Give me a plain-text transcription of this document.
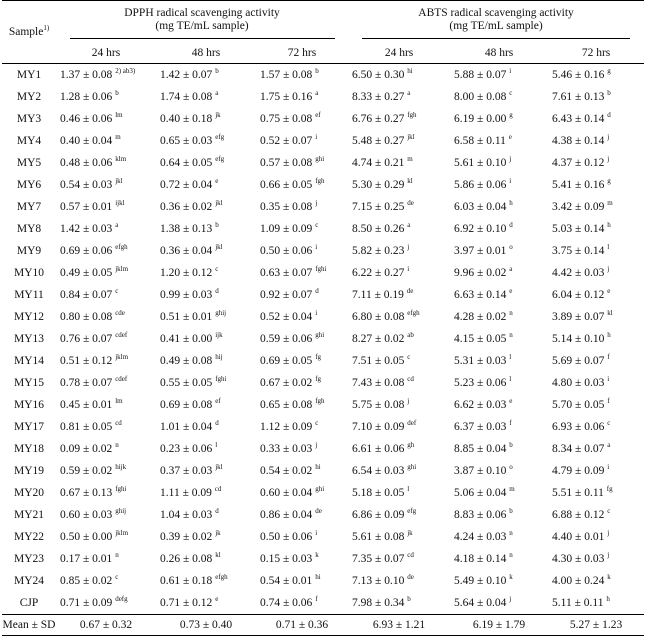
Sample$^{1)}$	DPPH radical scavenging activity
(mg TE/mL sample)			ABTS radical scavenging activity
(mg TE/mL sample)		
	24 hrs	48 hrs	72 hrs	24 hrs	48 hrs	72 hrs
MY1	1.37 ± 0.08 $^{2) ab3)}$	1.42 ± 0.07 $^b$	1.57 ± 0.08 $^b$	6.50 ± 0.30 $^{hi}$	5.88 ± 0.07 $^i$	5.46 ± 0.16 $^g$
MY2	1.28 ± 0.06 $^b$	1.74 ± 0.08 $^a$	1.75 ± 0.16 $^a$	8.33 ± 0.27 $^a$	8.00 ± 0.08 $^c$	7.61 ± 0.13 $^b$
MY3	0.46 ± 0.06 $^{lm}$	0.40 ± 0.18 $^{jk}$	0.75 ± 0.08 $^{ef}$	6.76 ± 0.27 $^{fgh}$	6.19 ± 0.00 $^g$	6.43 ± 0.14 $^d$
MY4	0.40 ± 0.04 $^m$	0.65 ± 0.03 $^{efg}$	0.52 ± 0.07 $^i$	5.48 ± 0.27 $^{jkl}$	6.58 ± 0.11 $^e$	4.38 ± 0.14 $^j$
MY5	0.48 ± 0.06 $^{klm}$	0.64 ± 0.05 $^{efg}$	0.57 ± 0.08 $^{ghi}$	4.74 ± 0.21 $^m$	5.61 ± 0.10 $^j$	4.37 ± 0.12 $^j$
MY6	0.54 ± 0.03 $^{jkl}$	0.72 ± 0.04 $^e$	0.66 ± 0.05 $^{fgh}$	5.30 ± 0.29 $^{kl}$	5.86 ± 0.06 $^i$	5.41 ± 0.16 $^g$
MY7	0.57 ± 0.01 $^{ijkl}$	0.36 ± 0.02 $^{jkl}$	0.35 ± 0.08 $^j$	7.15 ± 0.25 $^{de}$	6.03 ± 0.04 $^h$	3.42 ± 0.09 $^m$
MY8	1.42 ± 0.03 $^a$	1.38 ± 0.13 $^b$	1.09 ± 0.09 $^c$	8.50 ± 0.26 $^a$	6.92 ± 0.10 $^d$	5.03 ± 0.14 $^h$
MY9	0.69 ± 0.06 $^{efgh}$	0.36 ± 0.04 $^{jkl}$	0.50 ± 0.06 $^i$	5.82 ± 0.23 $^j$	3.97 ± 0.01 $^o$	3.75 ± 0.14 $^l$
MY10	0.49 ± 0.05 $^{jklm}$	1.20 ± 0.12 $^c$	0.63 ± 0.07 $^{fghi}$	6.22 ± 0.27 $^i$	9.96 ± 0.02 $^a$	4.42 ± 0.03 $^j$
MY11	0.84 ± 0.07 $^c$	0.99 ± 0.03 $^d$	0.92 ± 0.07 $^d$	7.11 ± 0.19 $^{de}$	6.63 ± 0.14 $^e$	6.04 ± 0.12 $^e$
MY12	0.80 ± 0.08 $^{cde}$	0.51 ± 0.01 $^{ghij}$	0.52 ± 0.04 $^i$	6.80 ± 0.08 $^{efgh}$	4.28 ± 0.02 $^n$	3.89 ± 0.07 $^{kl}$
MY13	0.76 ± 0.07 $^{cdef}$	0.41 ± 0.00 $^{ijk}$	0.59 ± 0.06 $^{ghi}$	8.27 ± 0.02 $^{ab}$	4.15 ± 0.05 $^n$	5.14 ± 0.10 $^h$
MY14	0.51 ± 0.12 $^{jklm}$	0.49 ± 0.08 $^{hij}$	0.69 ± 0.05 $^{fg}$	7.51 ± 0.05 $^c$	5.31 ± 0.03 $^l$	5.69 ± 0.07 $^f$
MY15	0.78 ± 0.07 $^{cdef}$	0.55 ± 0.05 $^{fghi}$	0.67 ± 0.02 $^{fg}$	7.43 ± 0.08 $^{cd}$	5.23 ± 0.06 $^l$	4.80 ± 0.03 $^i$
MY16	0.45 ± 0.01 $^{lm}$	0.69 ± 0.08 $^{ef}$	0.65 ± 0.08 $^{fgh}$	5.75 ± 0.08 $^j$	6.62 ± 0.03 $^e$	5.70 ± 0.05 $^f$
MY17	0.81 ± 0.05 $^{cd}$	1.01 ± 0.04 $^d$	1.12 ± 0.09 $^c$	7.10 ± 0.09 $^{def}$	6.37 ± 0.03 $^f$	6.93 ± 0.06 $^c$
MY18	0.09 ± 0.02 $^n$	0.23 ± 0.06 $^l$	0.33 ± 0.03 $^j$	6.61 ± 0.06 $^{gh}$	8.85 ± 0.04 $^b$	8.34 ± 0.07 $^a$
MY19	0.59 ± 0.02 $^{hijk}$	0.37 ± 0.03 $^{jkl}$	0.54 ± 0.02 $^{hi}$	6.54 ± 0.03 $^{ghi}$	3.87 ± 0.10 $^o$	4.79 ± 0.09 $^i$
MY20	0.67 ± 0.13 $^{fghi}$	1.11 ± 0.09 $^{cd}$	0.60 ± 0.04 $^{ghi}$	5.18 ± 0.05 $^l$	5.06 ± 0.04 $^m$	5.51 ± 0.11 $^{fg}$
MY21	0.60 ± 0.03 $^{ghij}$	1.04 ± 0.03 $^d$	0.86 ± 0.04 $^{de}$	6.86 ± 0.09 $^{efg}$	8.83 ± 0.06 $^b$	6.88 ± 0.12 $^c$
MY22	0.50 ± 0.00 $^{jklm}$	0.39 ± 0.02 $^{jk}$	0.50 ± 0.06 $^i$	5.61 ± 0.08 $^{jk}$	4.24 ± 0.03 $^n$	4.40 ± 0.01 $^j$
MY23	0.17 ± 0.01 $^n$	0.26 ± 0.08 $^{kl}$	0.15 ± 0.03 $^k$	7.35 ± 0.07 $^{cd}$	4.18 ± 0.14 $^n$	4.30 ± 0.03 $^j$
MY24	0.85 ± 0.02 $^c$	0.61 ± 0.18 $^{efgh}$	0.54 ± 0.01 $^{hi}$	7.13 ± 0.10 $^{de}$	5.49 ± 0.10 $^k$	4.00 ± 0.24 $^k$
CJP	0.71 ± 0.09 $^{defg}$	0.71 ± 0.12 $^e$	0.74 ± 0.06 $^f$	7.98 ± 0.34 $^b$	5.64 ± 0.04 $^j$	5.11 ± 0.11 $^h$
Mean ± SD	0.67 ± 0.32	0.73 ± 0.40	0.71 ± 0.36	6.93 ± 1.21	6.19 ± 1.79	5.27 ± 1.23
